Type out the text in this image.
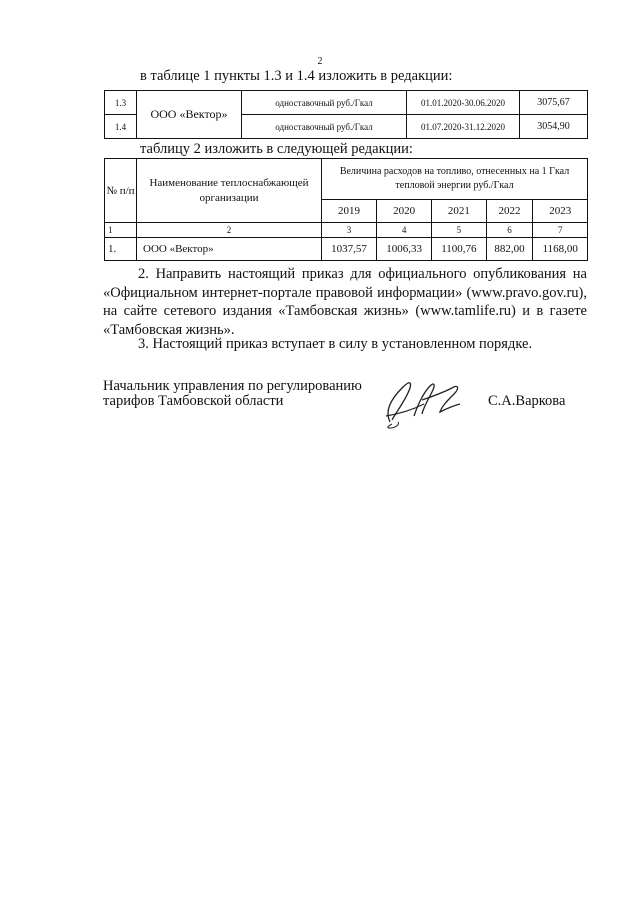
2
в таблице 1 пункты 1.3 и 1.4 изложить в редакции:
1.3	ООО «Вектор»	одноставочный руб./Гкал	01.01.2020-30.06.2020	3075,67
1.4		одноставочный руб./Гкал	01.07.2020-31.12.2020	3054,90
таблицу 2 изложить в следующей редакции:
№ п/п	Наименование теплоснабжающей организации	Величина расходов на топливо, отнесенных на 1 Гкал тепловой энергии руб./Гкал				
		2019	2020	2021	2022	2023
1	2	3	4	5	6	7
1.	ООО «Вектор»	1037,57	1006,33	1100,76	882,00	1168,00
2. Направить настоящий приказ для официального опубликования на
«Официальном интернет-портале правовой информации» (www.pravo.gov.ru),
на сайте сетевого издания «Тамбовская жизнь» (www.tamlife.ru) и в газете
«Тамбовская жизнь».
3. Настоящий приказ вступает в силу в установленном порядке.
Начальник управления по регулированию
тарифов Тамбовской области	С.А.Варкова
